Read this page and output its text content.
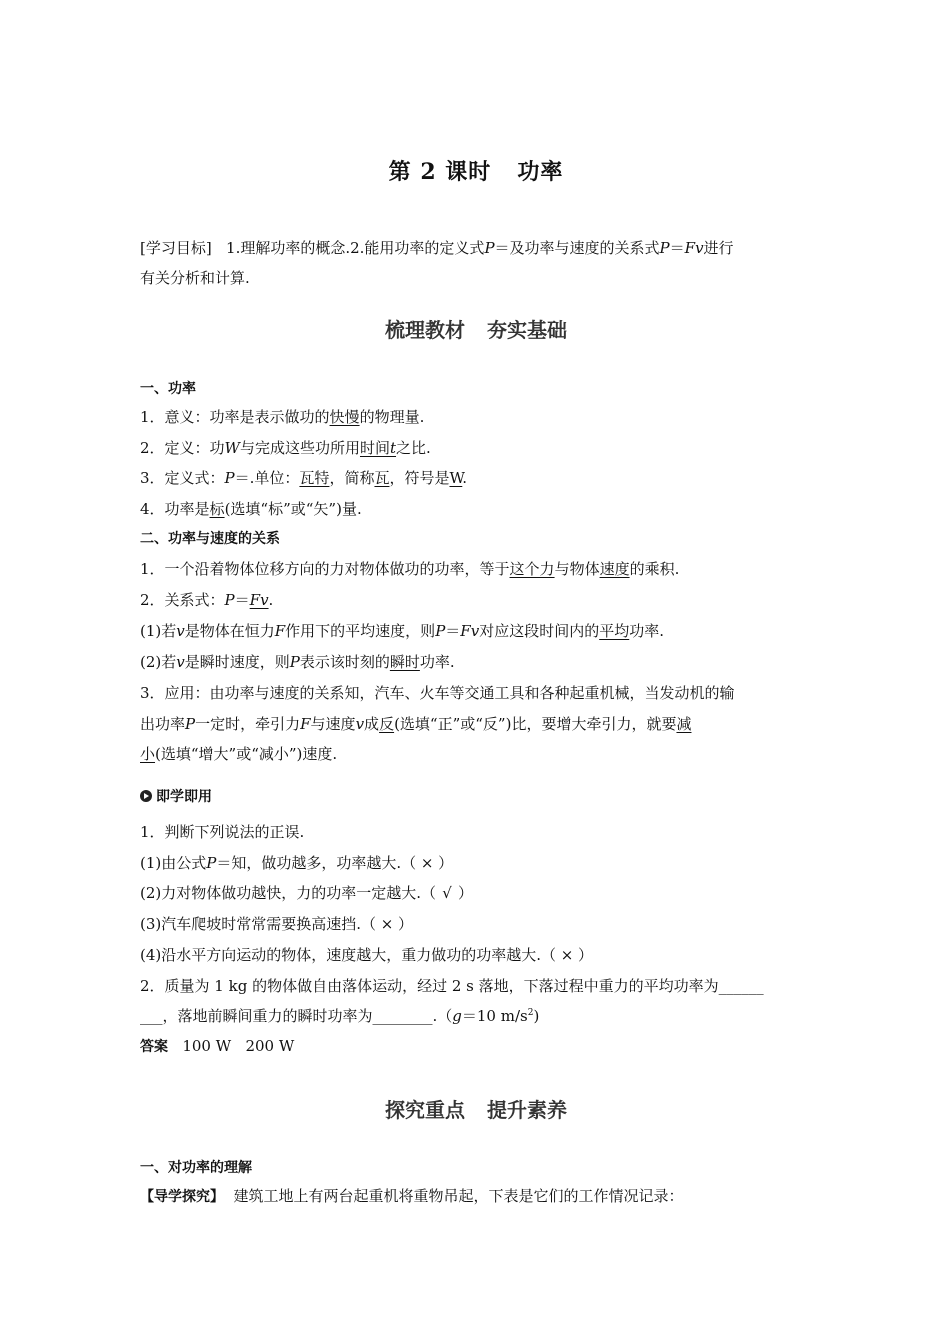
第 2 课时 功率
[学习目标] 1.理解功率的概念.2.能用功率的定义式P＝及功率与速度的关系式P＝Fv进行
有关分析和计算.
梳理教材 夯实基础
一、功率
1．意义：功率是表示做功的快慢的物理量.
2．定义：功W与完成这些功所用时间t之比.
3．定义式：P＝.单位：瓦特，简称瓦，符号是W.
4．功率是标(选填“标”或“矢”)量.
二、功率与速度的关系
1．一个沿着物体位移方向的力对物体做功的功率，等于这个力与物体速度的乘积.
2．关系式：P＝Fv.
(1)若v是物体在恒力F作用下的平均速度，则P＝Fv对应这段时间内的平均功率.
(2)若v是瞬时速度，则P表示该时刻的瞬时功率.
3．应用：由功率与速度的关系知，汽车、火车等交通工具和各种起重机械，当发动机的输
出功率P一定时，牵引力F与速度v成反(选填“正”或“反”)比，要增大牵引力，就要减
小(选填“增大”或“减小”)速度.
即学即用
1．判断下列说法的正误.
(1)由公式P＝知，做功越多，功率越大.（ × ）
(2)力对物体做功越快，力的功率一定越大.（ √ ）
(3)汽车爬坡时常常需要换高速挡.（ × ）
(4)沿水平方向运动的物体，速度越大，重力做功的功率越大.（ × ）
2．质量为 1 kg 的物体做自由落体运动，经过 2 s 落地，下落过程中重力的平均功率为______
___，落地前瞬间重力的瞬时功率为________.（g＝10 $m/s^2$)
答案 100 W 200 W
探究重点 提升素养
一、对功率的理解
【导学探究】 建筑工地上有两台起重机将重物吊起，下表是它们的工作情况记录：
